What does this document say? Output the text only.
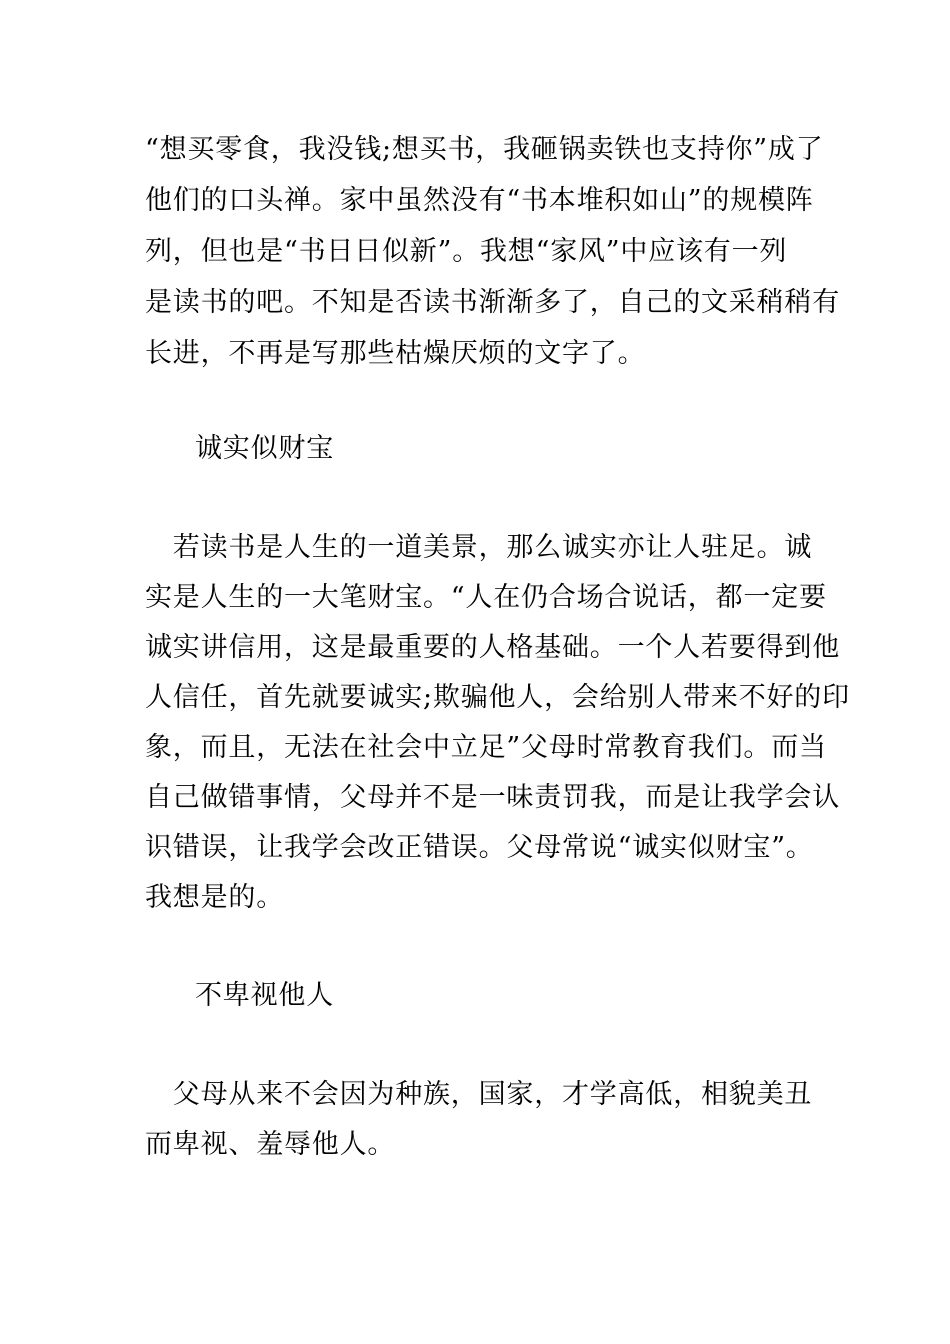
“想买零食，我没钱;想买书，我砸锅卖铁也支持你”成了
他们的口头禅。家中虽然没有“书本堆积如山”的规模阵
列，但也是“书日日似新”。我想“家风”中应该有一列
是读书的吧。不知是否读书渐渐多了，自己的文采稍稍有
长进，不再是写那些枯燥厌烦的文字了。
诚实似财宝
　若读书是人生的一道美景，那么诚实亦让人驻足。诚
实是人生的一大笔财宝。“人在仍合场合说话，都一定要
诚实讲信用，这是最重要的人格基础。一个人若要得到他
人信任，首先就要诚实;欺骗他人，会给别人带来不好的印
象，而且，无法在社会中立足”父母时常教育我们。而当
自己做错事情，父母并不是一味责罚我，而是让我学会认
识错误，让我学会改正错误。父母常说“诚实似财宝”。
我想是的。
不卑视他人
　父母从来不会因为种族，国家，才学高低，相貌美丑
而卑视、羞辱他人。
